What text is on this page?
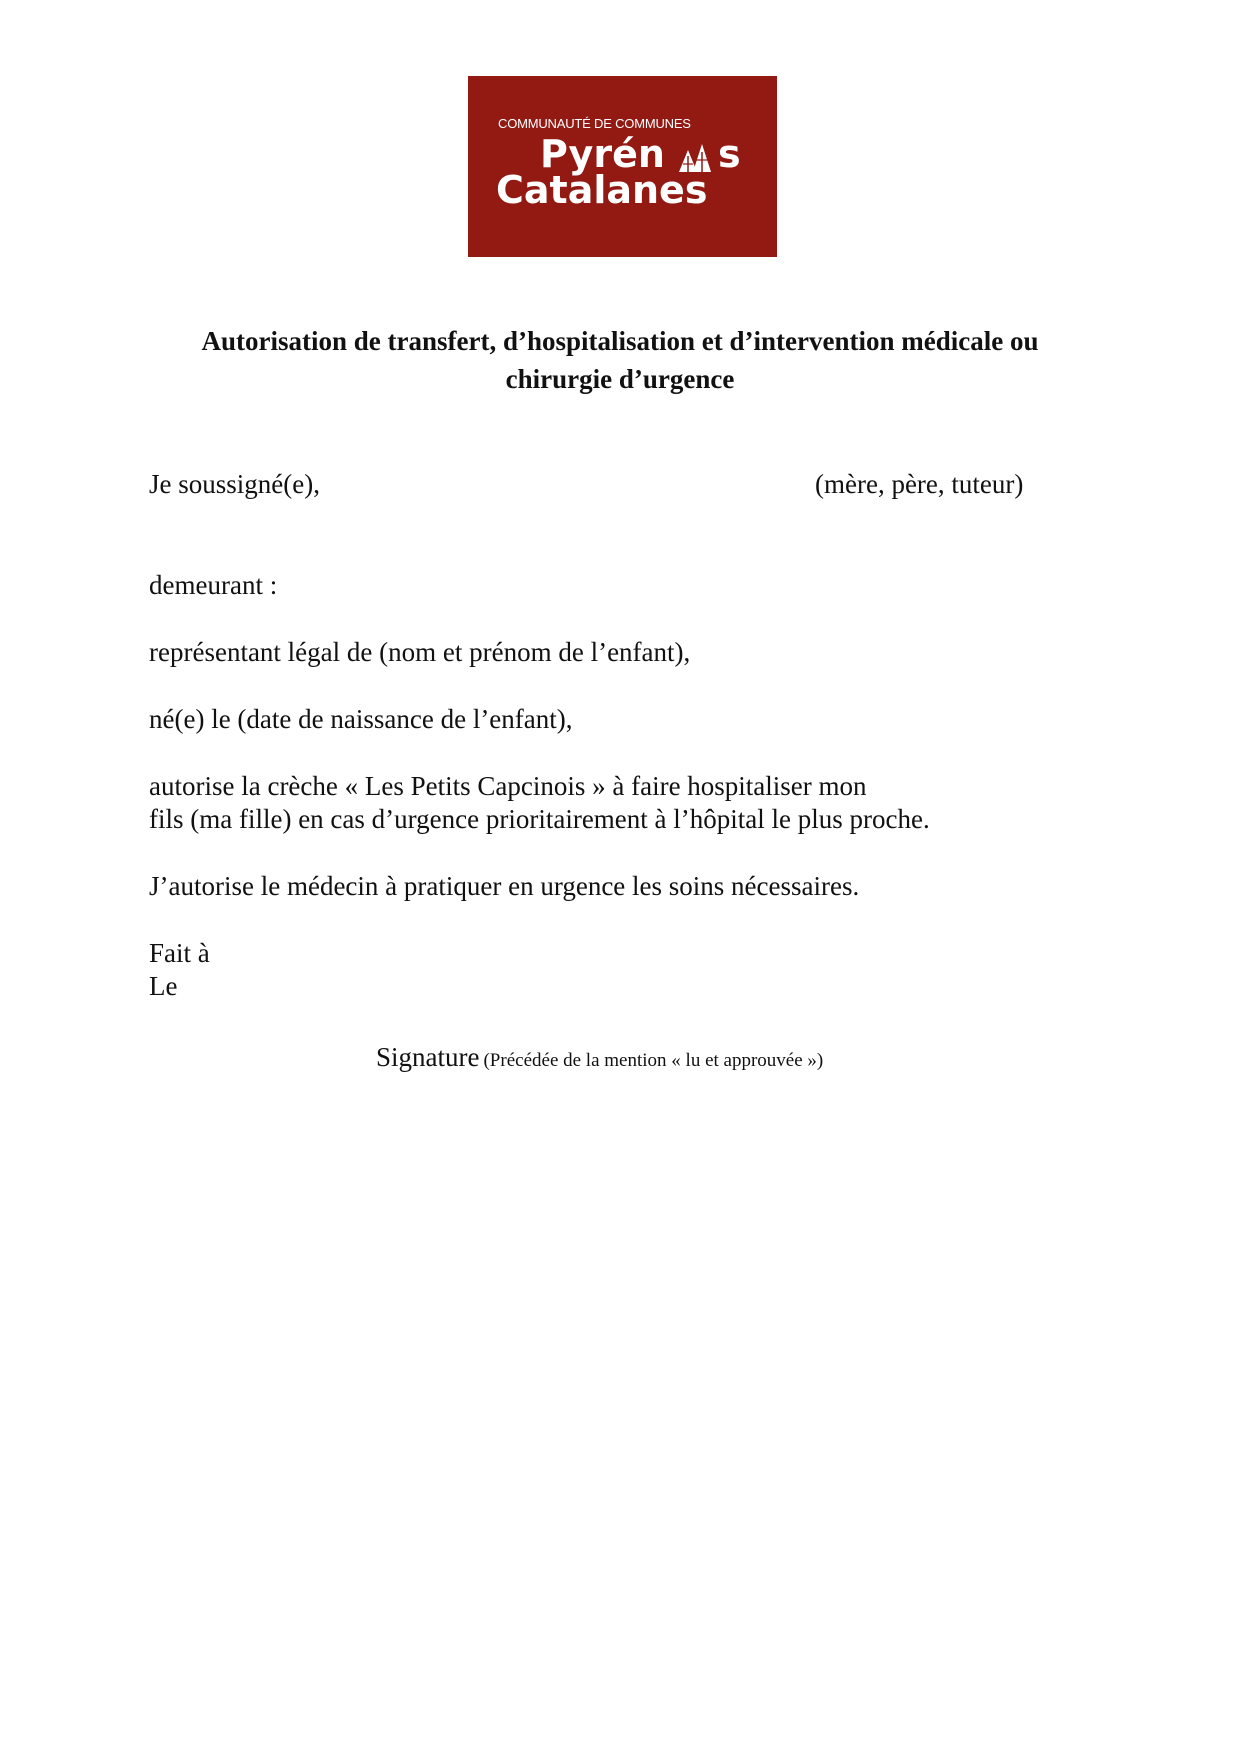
COMMUNAUTÉ DE COMMUNES
Pyrén s
Catalanes
Autorisation de transfert, d’hospitalisation et d’intervention médicale ou
chirurgie d’urgence
Je soussigné(e),	(mère, père, tuteur)
demeurant :
représentant légal de (nom et prénom de l’enfant),
né(e) le (date de naissance de l’enfant),
autorise la crèche « Les Petits Capcinois » à faire hospitaliser mon
fils (ma fille) en cas d’urgence prioritairement à l’hôpital le plus proche.
J’autorise le médecin à pratiquer en urgence les soins nécessaires.
Fait à
Le
Signature (Précédée de la mention « lu et approuvée »)
